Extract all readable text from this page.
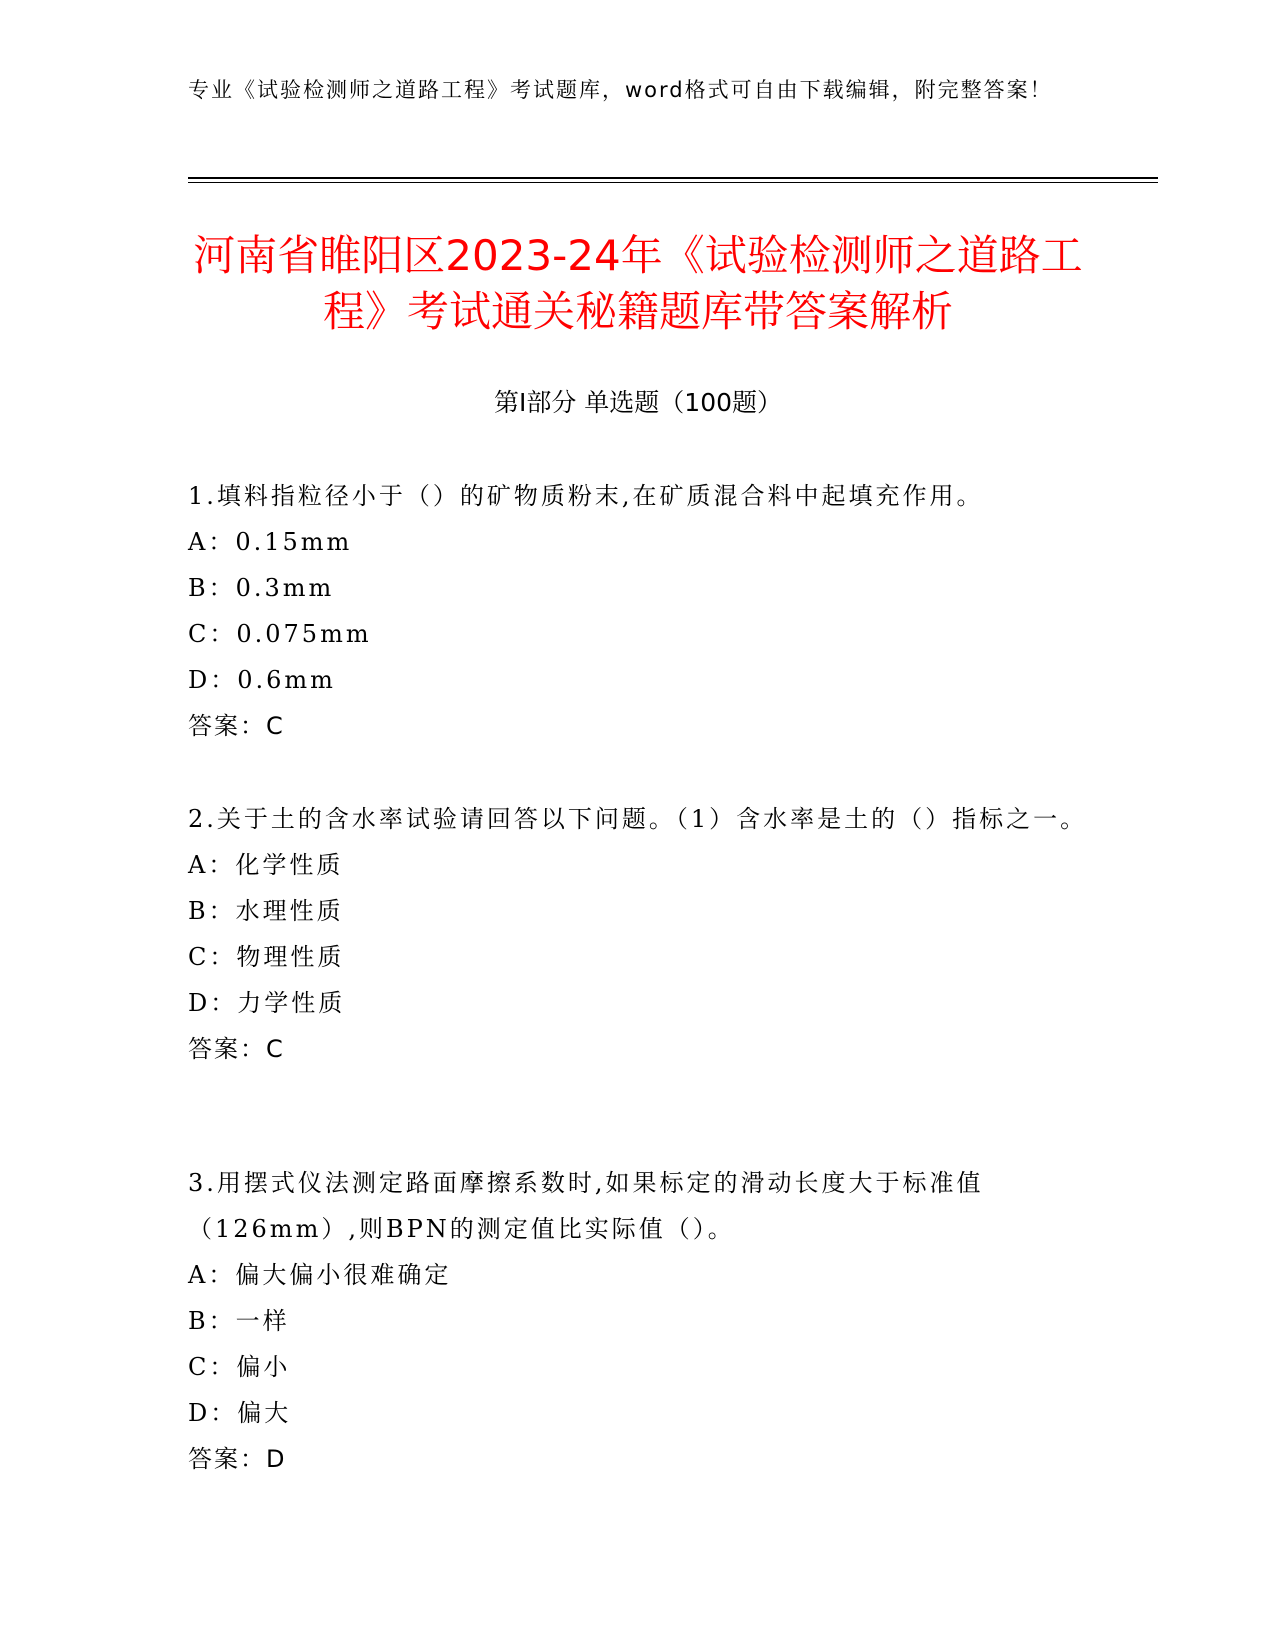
专业《试验检测师之道路工程》考试题库，word格式可自由下载编辑，附完整答案！
河南省睢阳区2023-24年《试验检测师之道路工程》考试通关秘籍题库带答案解析
第Ⅰ部分 单选题（100题）
1.填料指粒径小于（）的矿物质粉末,在矿质混合料中起填充作用。
A：0.15mm
B：0.3mm
C：0.075mm
D：0.6mm
答案：C
2.关于土的含水率试验请回答以下问题。（1）含水率是土的（）指标之一。
A：化学性质
B：水理性质
C：物理性质
D：力学性质
答案：C
3.用摆式仪法测定路面摩擦系数时,如果标定的滑动长度大于标准值（126mm）,则BPN的测定值比实际值（）。
A：偏大偏小很难确定
B：一样
C：偏小
D：偏大
答案：D
